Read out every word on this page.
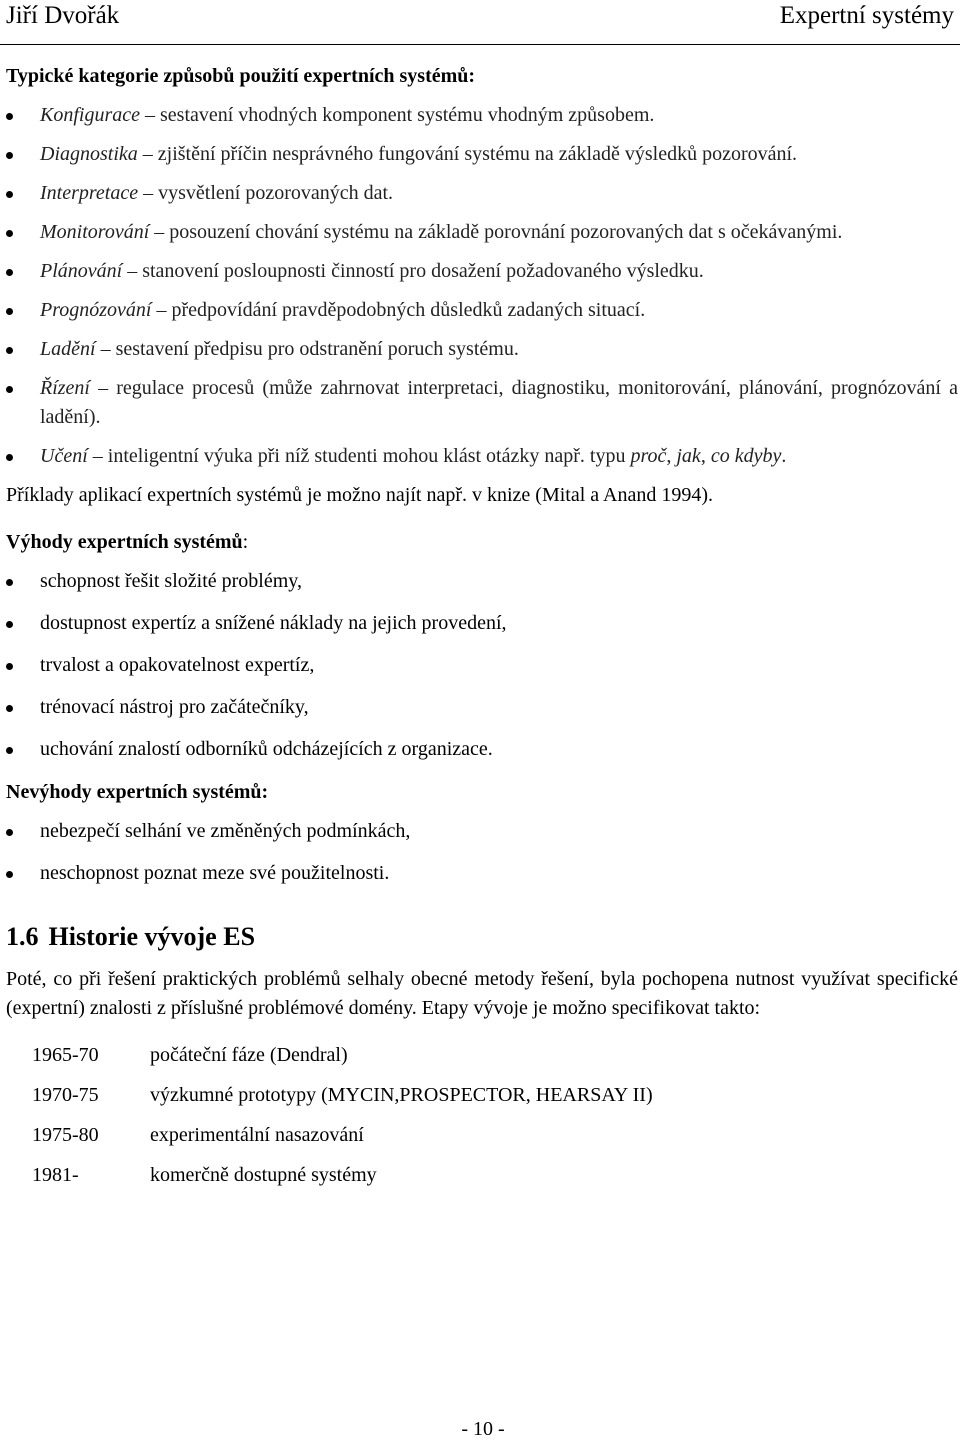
Jiří Dvořák	Expertní systémy
Typické kategorie způsobů použití expertních systémů:
Konfigurace – sestavení vhodných komponent systému vhodným způsobem.
Diagnostika – zjištění příčin nesprávného fungování systému na základě výsledků pozorování.
Interpretace – vysvětlení pozorovaných dat.
Monitorování – posouzení chování systému na základě porovnání pozorovaných dat s očekávanými.
Plánování – stanovení posloupnosti činností pro dosažení požadovaného výsledku.
Prognózování – předpovídání pravděpodobných důsledků zadaných situací.
Ladění – sestavení předpisu pro odstranění poruch systému.
Řízení – regulace procesů (může zahrnovat interpretaci, diagnostiku, monitorování, plánování, prognózování a ladění).
Učení – inteligentní výuka při níž studenti mohou klást otázky např. typu proč, jak, co kdyby.
Příklady aplikací expertních systémů je možno najít např. v knize (Mital a Anand 1994).
Výhody expertních systémů:
schopnost řešit složité problémy,
dostupnost expertíz a snížené náklady na jejich provedení,
trvalost a opakovatelnost expertíz,
trénovací nástroj pro začátečníky,
uchování znalostí odborníků odcházejících z organizace.
Nevýhody expertních systémů:
nebezpečí selhání ve změněných podmínkách,
neschopnost poznat meze své použitelnosti.
1.6 Historie vývoje ES
Poté, co při řešení praktických problémů selhaly obecné metody řešení, byla pochopena nutnost využívat specifické (expertní) znalosti z příslušné problémové domény. Etapy vývoje je možno specifikovat takto:
1965-70	počáteční fáze (Dendral)
1970-75	výzkumné prototypy (MYCIN,PROSPECTOR, HEARSAY II)
1975-80	experimentální nasazování
1981-	komerčně dostupné systémy
- 10 -
